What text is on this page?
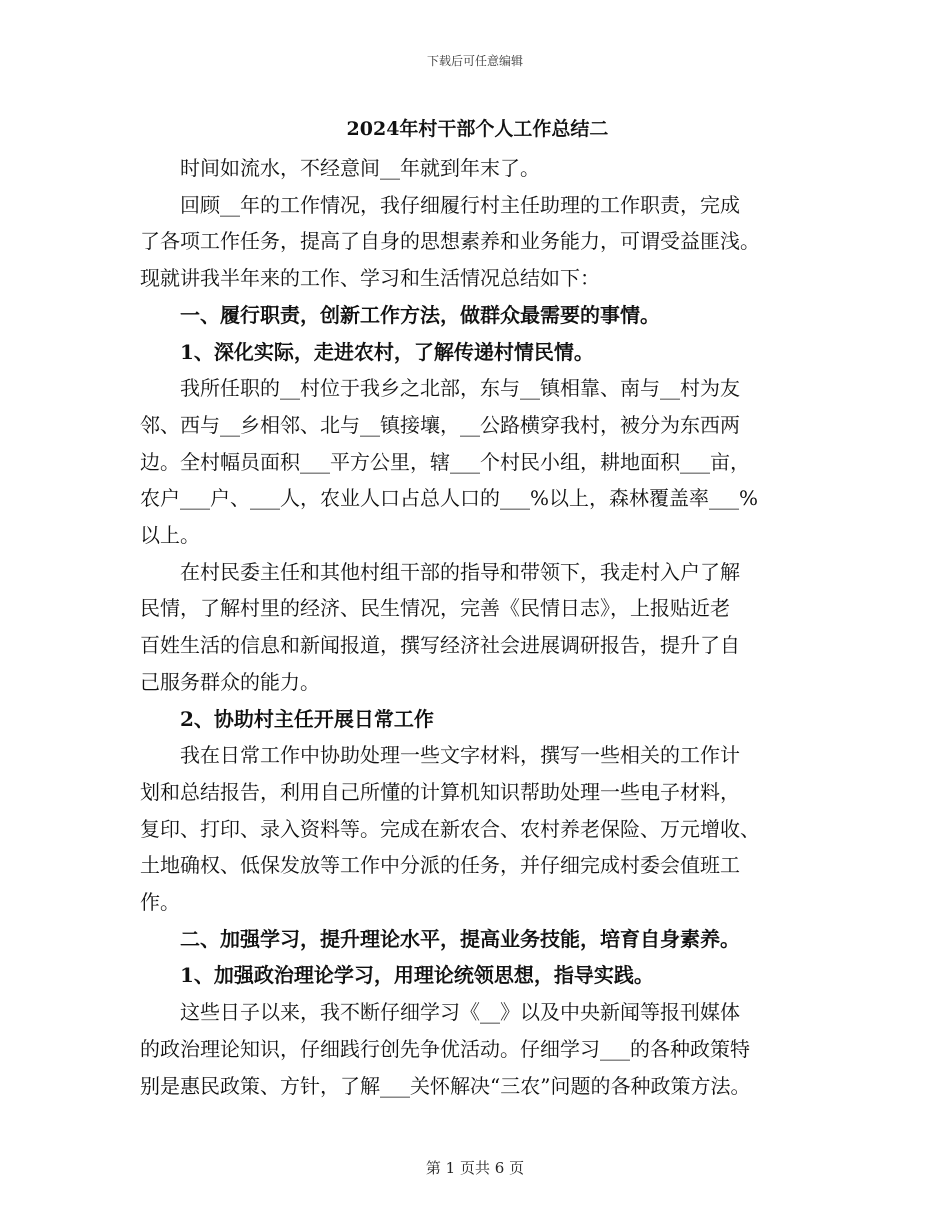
下载后可任意编辑
2024年村干部个人工作总结二
时间如流水，不经意间__年就到年末了。
回顾__年的工作情况，我仔细履行村主任助理的工作职责，完成
了各项工作任务，提高了自身的思想素养和业务能力，可谓受益匪浅。
现就讲我半年来的工作、学习和生活情况总结如下：
一、履行职责，创新工作方法，做群众最需要的事情。
1、深化实际，走进农村，了解传递村情民情。
我所任职的__村位于我乡之北部，东与__镇相靠、南与__村为友
邻、西与__乡相邻、北与__镇接壤，__公路横穿我村，被分为东西两
边。全村幅员面积___平方公里，辖___个村民小组，耕地面积___亩，
农户___户、___人，农业人口占总人口的___%以上，森林覆盖率___%
以上。
在村民委主任和其他村组干部的指导和带领下，我走村入户了解
民情，了解村里的经济、民生情况，完善《民情日志》，上报贴近老
百姓生活的信息和新闻报道，撰写经济社会进展调研报告，提升了自
己服务群众的能力。
2、协助村主任开展日常工作
我在日常工作中协助处理一些文字材料，撰写一些相关的工作计
划和总结报告，利用自己所懂的计算机知识帮助处理一些电子材料，
复印、打印、录入资料等。完成在新农合、农村养老保险、万元增收、
土地确权、低保发放等工作中分派的任务，并仔细完成村委会值班工
作。
二、加强学习，提升理论水平，提高业务技能，培育自身素养。
1、加强政治理论学习，用理论统领思想，指导实践。
这些日子以来，我不断仔细学习《__》以及中央新闻等报刊媒体
的政治理论知识，仔细践行创先争优活动。仔细学习___的各种政策特
别是惠民政策、方针，了解___关怀解决“三农”问题的各种政策方法。
第 1 页共 6 页
